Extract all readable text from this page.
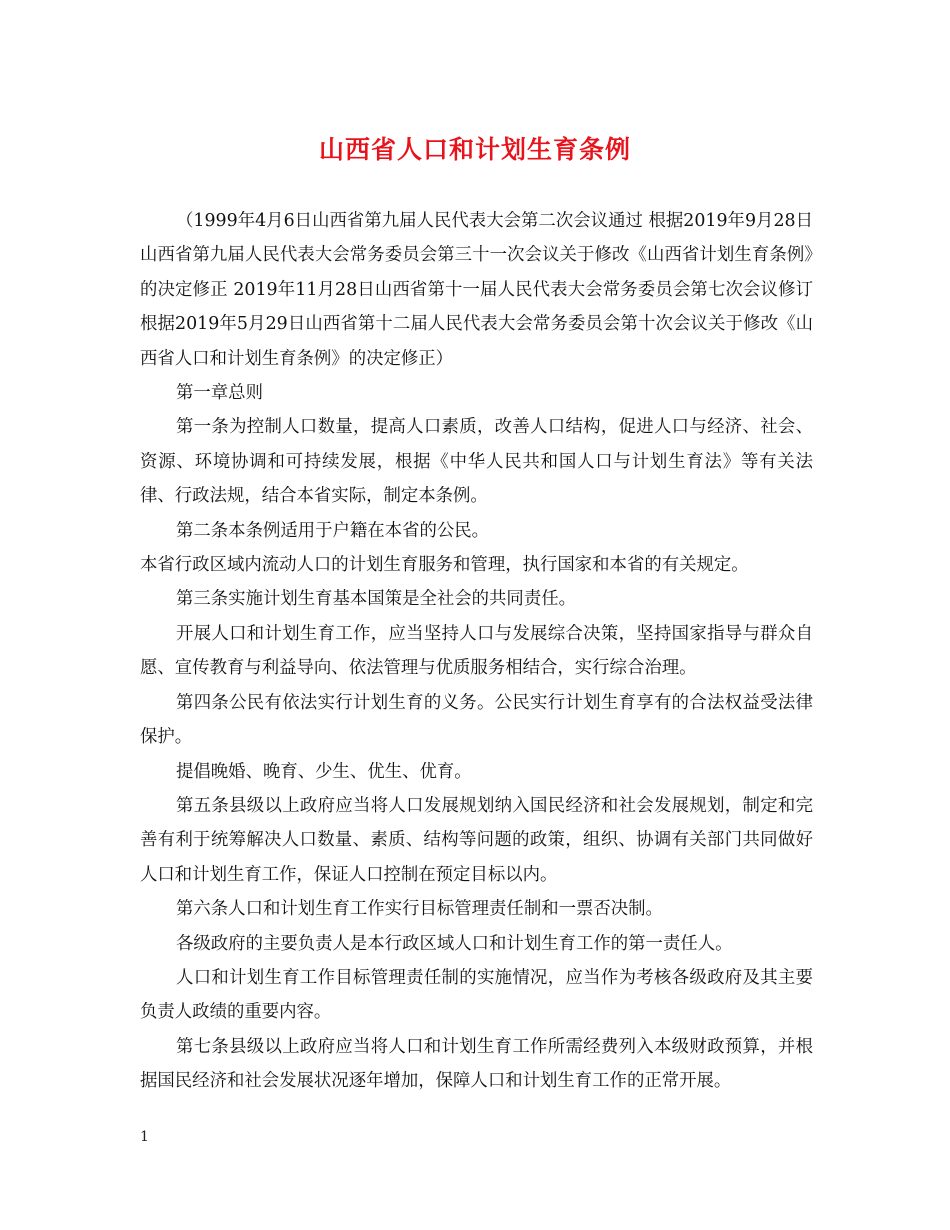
山西省人口和计划生育条例

（1999年4月6日山西省第九届人民代表大会第二次会议通过 根据2019年9月28日山西省第九届人民代表大会常务委员会第三十一次会议关于修改《山西省计划生育条例》的决定修正 2019年11月28日山西省第十一届人民代表大会常务委员会第七次会议修订 根据2019年5月29日山西省第十二届人民代表大会常务委员会第十次会议关于修改《山西省人口和计划生育条例》的决定修正）

第一章总则

第一条为控制人口数量，提高人口素质，改善人口结构，促进人口与经济、社会、资源、环境协调和可持续发展，根据《中华人民共和国人口与计划生育法》等有关法律、行政法规，结合本省实际，制定本条例。

第二条本条例适用于户籍在本省的公民。

本省行政区域内流动人口的计划生育服务和管理，执行国家和本省的有关规定。

第三条实施计划生育基本国策是全社会的共同责任。

开展人口和计划生育工作，应当坚持人口与发展综合决策，坚持国家指导与群众自愿、宣传教育与利益导向、依法管理与优质服务相结合，实行综合治理。

第四条公民有依法实行计划生育的义务。公民实行计划生育享有的合法权益受法律保护。

提倡晚婚、晚育、少生、优生、优育。

第五条县级以上政府应当将人口发展规划纳入国民经济和社会发展规划，制定和完善有利于统筹解决人口数量、素质、结构等问题的政策，组织、协调有关部门共同做好人口和计划生育工作，保证人口控制在预定目标以内。

第六条人口和计划生育工作实行目标管理责任制和一票否决制。

各级政府的主要负责人是本行政区域人口和计划生育工作的第一责任人。

人口和计划生育工作目标管理责任制的实施情况，应当作为考核各级政府及其主要负责人政绩的重要内容。

第七条县级以上政府应当将人口和计划生育工作所需经费列入本级财政预算，并根据国民经济和社会发展状况逐年增加，保障人口和计划生育工作的正常开展。

1
